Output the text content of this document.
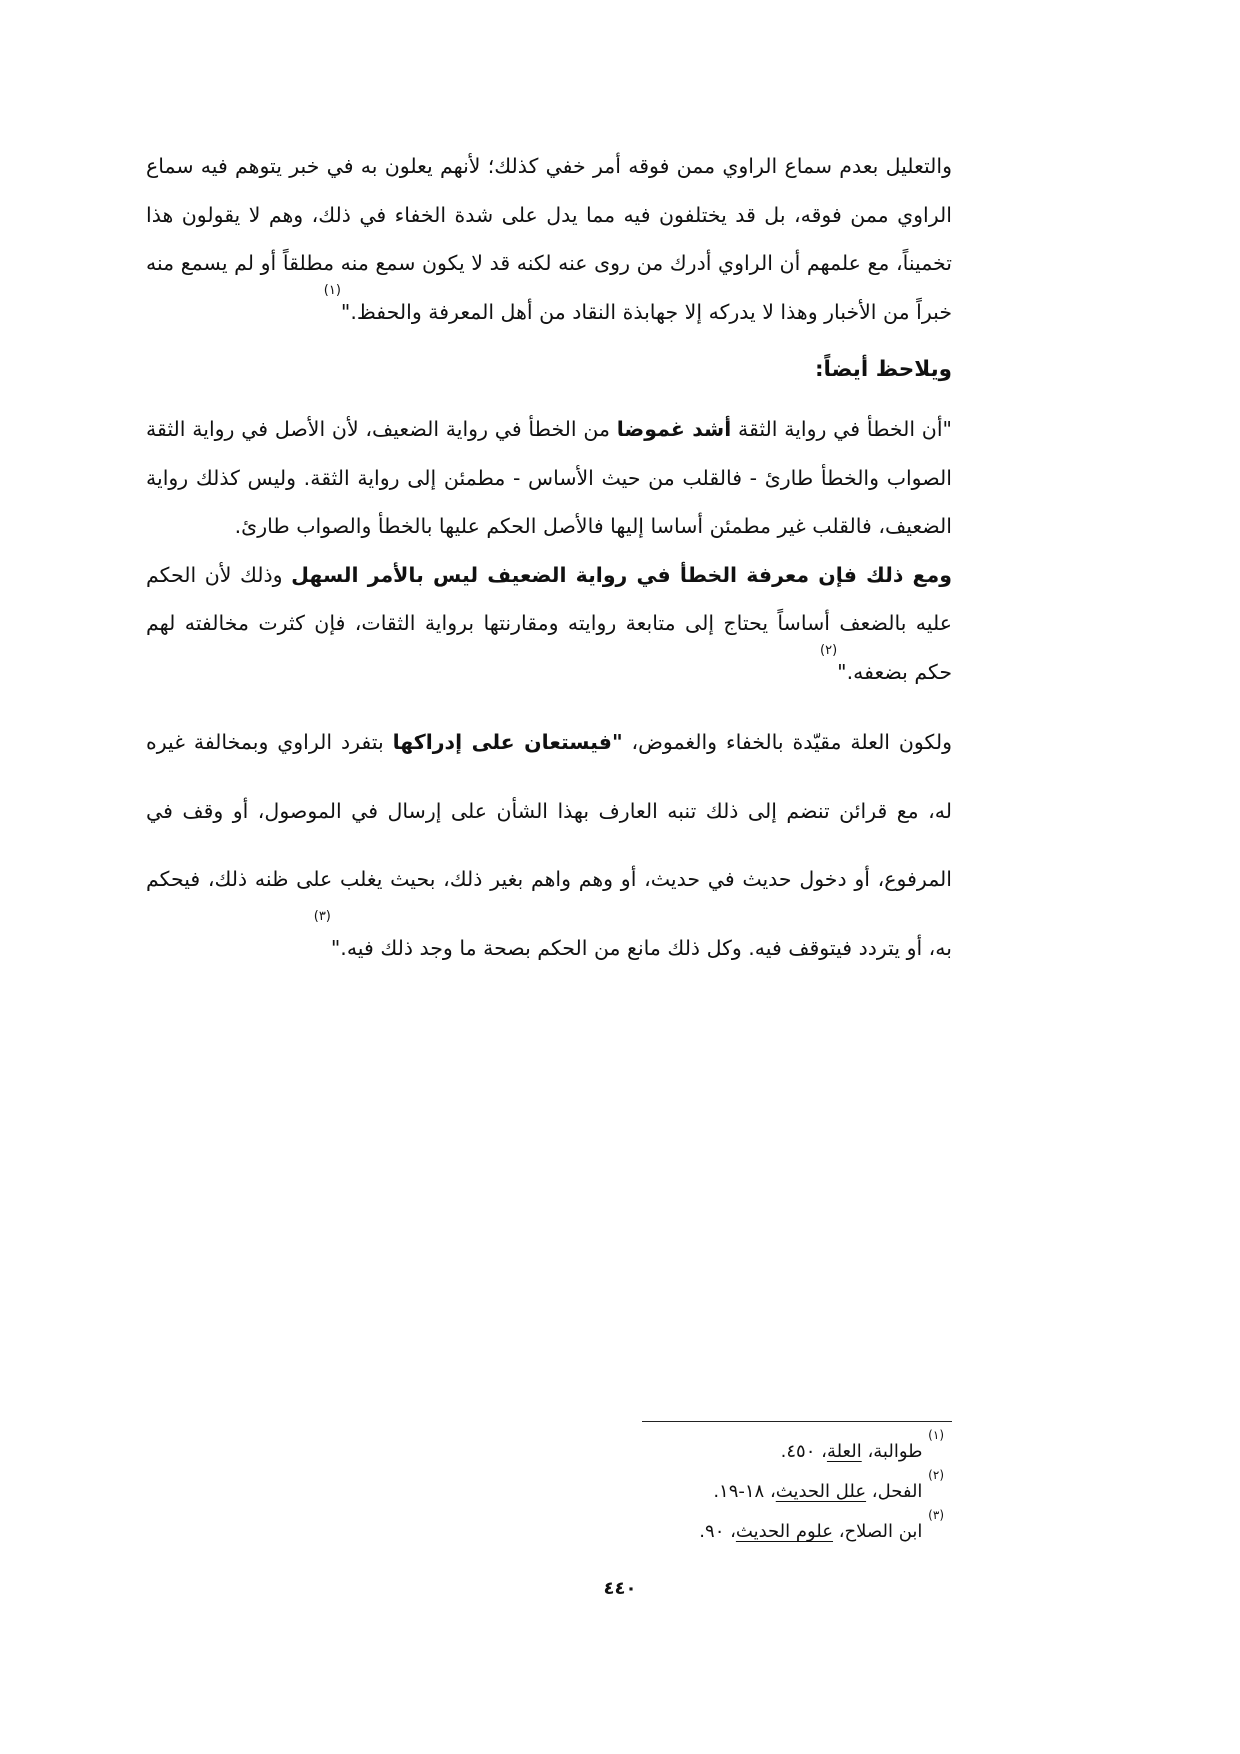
والتعليل بعدم سماع الراوي ممن فوقه أمر خفي كذلك؛ لأنهم يعلون به في خبر يتوهم فيه سماع الراوي ممن فوقه، بل قد يختلفون فيه مما يدل على شدة الخفاء في ذلك، وهم لا يقولون هذا تخميناً، مع علمهم أن الراوي أدرك من روى عنه لكنه قد لا يكون سمع منه مطلقاً أو لم يسمع منه خبراً من الأخبار وهذا لا يدركه إلا جهابذة النقاد من أهل المعرفة والحفظ."$^{(١)}$

ويلاحظ أيضاً:

"أن الخطأ في رواية الثقة أشد غموضا من الخطأ في رواية الضعيف، لأن الأصل في رواية الثقة الصواب والخطأ طارئ - فالقلب من حيث الأساس - مطمئن إلى رواية الثقة. وليس كذلك رواية الضعيف، فالقلب غير مطمئن أساسا إليها فالأصل الحكم عليها بالخطأ والصواب طارئ.

ومع ذلك فإن معرفة الخطأ في رواية الضعيف ليس بالأمر السهل وذلك لأن الحكم عليه بالضعف أساساً يحتاج إلى متابعة روايته ومقارنتها برواية الثقات، فإن كثرت مخالفته لهم حكم بضعفه."$^{(٢)}$

ولكون العلة مقيّدة بالخفاء والغموض، "فيستعان على إدراكها بتفرد الراوي وبمخالفة غيره له، مع قرائن تنضم إلى ذلك تنبه العارف بهذا الشأن على إرسال في الموصول، أو وقف في المرفوع، أو دخول حديث في حديث، أو وهم واهم بغير ذلك، بحيث يغلب على ظنه ذلك، فيحكم به، أو يتردد فيتوقف فيه. وكل ذلك مانع من الحكم بصحة ما وجد ذلك فيه."$^{(٣)}$

$^{(١)}$ طوالبة، العلة، ٤٥٠.

$^{(٢)}$ الفحل، علل الحديث، ١٨-١٩.

$^{(٣)}$ ابن الصلاح، علوم الحديث، ٩٠.

٤٤٠
